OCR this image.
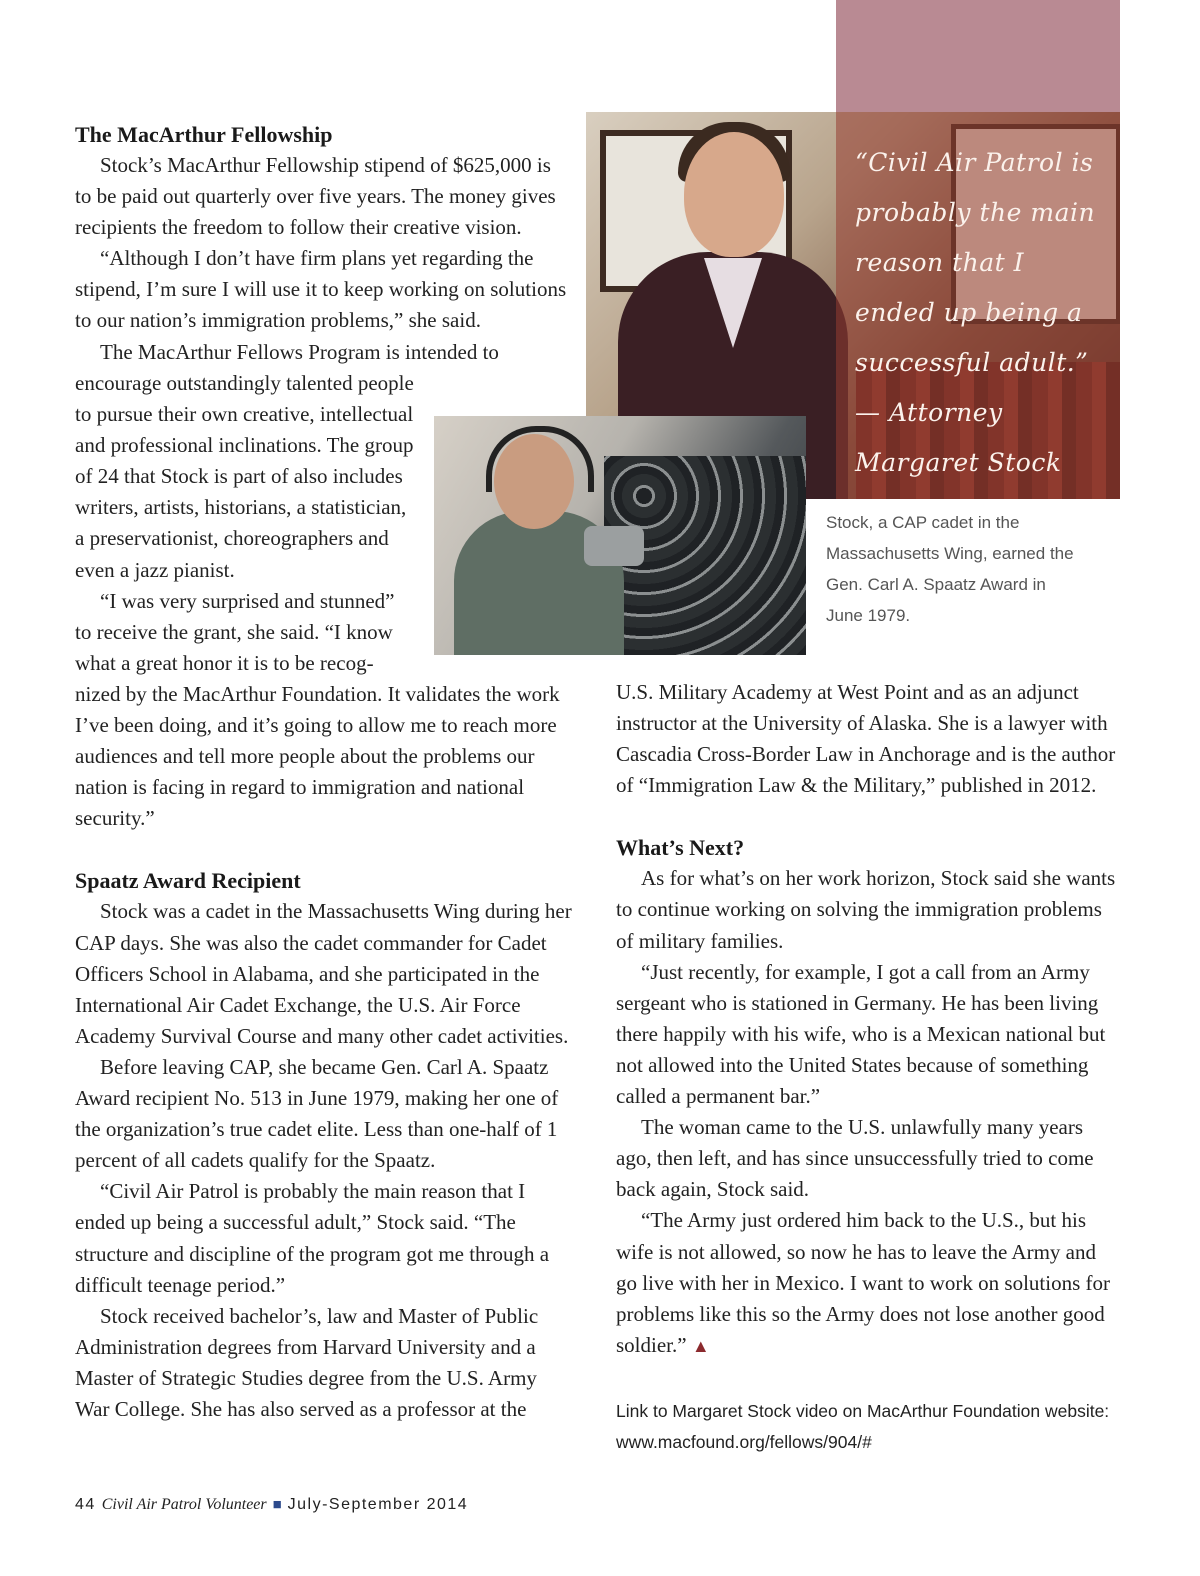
“Civil Air Patrol is probably the main reason that I ended up being a successful adult.”
— Attorney Margaret Stock
Stock, a CAP cadet in the Massachusetts Wing, earned the Gen. Carl A. Spaatz Award in June 1979.
The MacArthur Fellowship

Stock’s MacArthur Fellowship stipend of $625,000 is to be paid out quarterly over five years. The money gives recipients the freedom to follow their creative vision.

“Although I don’t have firm plans yet regarding the stipend, I’m sure I will use it to keep working on solutions to our nation’s immigration problems,” she said.

The MacArthur Fellows Program is intended to

encourage outstandingly talented people to pursue their own creative, intellectual and professional inclinations. The group of 24 that Stock is part of also includes writers, artists, historians, a statistician, a preservationist, choreographers and even a jazz pianist.

“I was very surprised and stunned” to receive the grant, she said. “I know what a great honor it is to be recog-

nized by the MacArthur Foundation. It validates the work I’ve been doing, and it’s going to allow me to reach more audiences and tell more people about the problems our nation is facing in regard to immigration and national security.”

Spaatz Award Recipient

Stock was a cadet in the Massachusetts Wing during her CAP days. She was also the cadet commander for Cadet Officers School in Alabama, and she participated in the International Air Cadet Exchange, the U.S. Air Force Academy Survival Course and many other cadet activities.

Before leaving CAP, she became Gen. Carl A. Spaatz Award recipient No. 513 in June 1979, making her one of the organization’s true cadet elite. Less than one-half of 1 percent of all cadets qualify for the Spaatz.

“Civil Air Patrol is probably the main reason that I ended up being a successful adult,” Stock said. “The structure and discipline of the program got me through a difficult teenage period.”

Stock received bachelor’s, law and Master of Public Administration degrees from Harvard University and a Master of Strategic Studies degree from the U.S. Army War College. She has also served as a professor at the

U.S. Military Academy at West Point and as an adjunct instructor at the University of Alaska. She is a lawyer with Cascadia Cross-Border Law in Anchorage and is the author of “Immigration Law & the Military,” published in 2012.

What’s Next?

As for what’s on her work horizon, Stock said she wants to continue working on solving the immigration problems of military families.

“Just recently, for example, I got a call from an Army sergeant who is stationed in Germany. He has been living there happily with his wife, who is a Mexican national but not allowed into the United States because of something called a permanent bar.”

The woman came to the U.S. unlawfully many years ago, then left, and has since unsuccessfully tried to come back again, Stock said.

“The Army just ordered him back to the U.S., but his wife is not allowed, so now he has to leave the Army and go live with her in Mexico. I want to work on solutions for problems like this so the Army does not lose another good soldier.” ▲

Link to Margaret Stock video on MacArthur Foundation website: www.macfound.org/fellows/904/#
44 Civil Air Patrol Volunteer ■ July-September 2014
